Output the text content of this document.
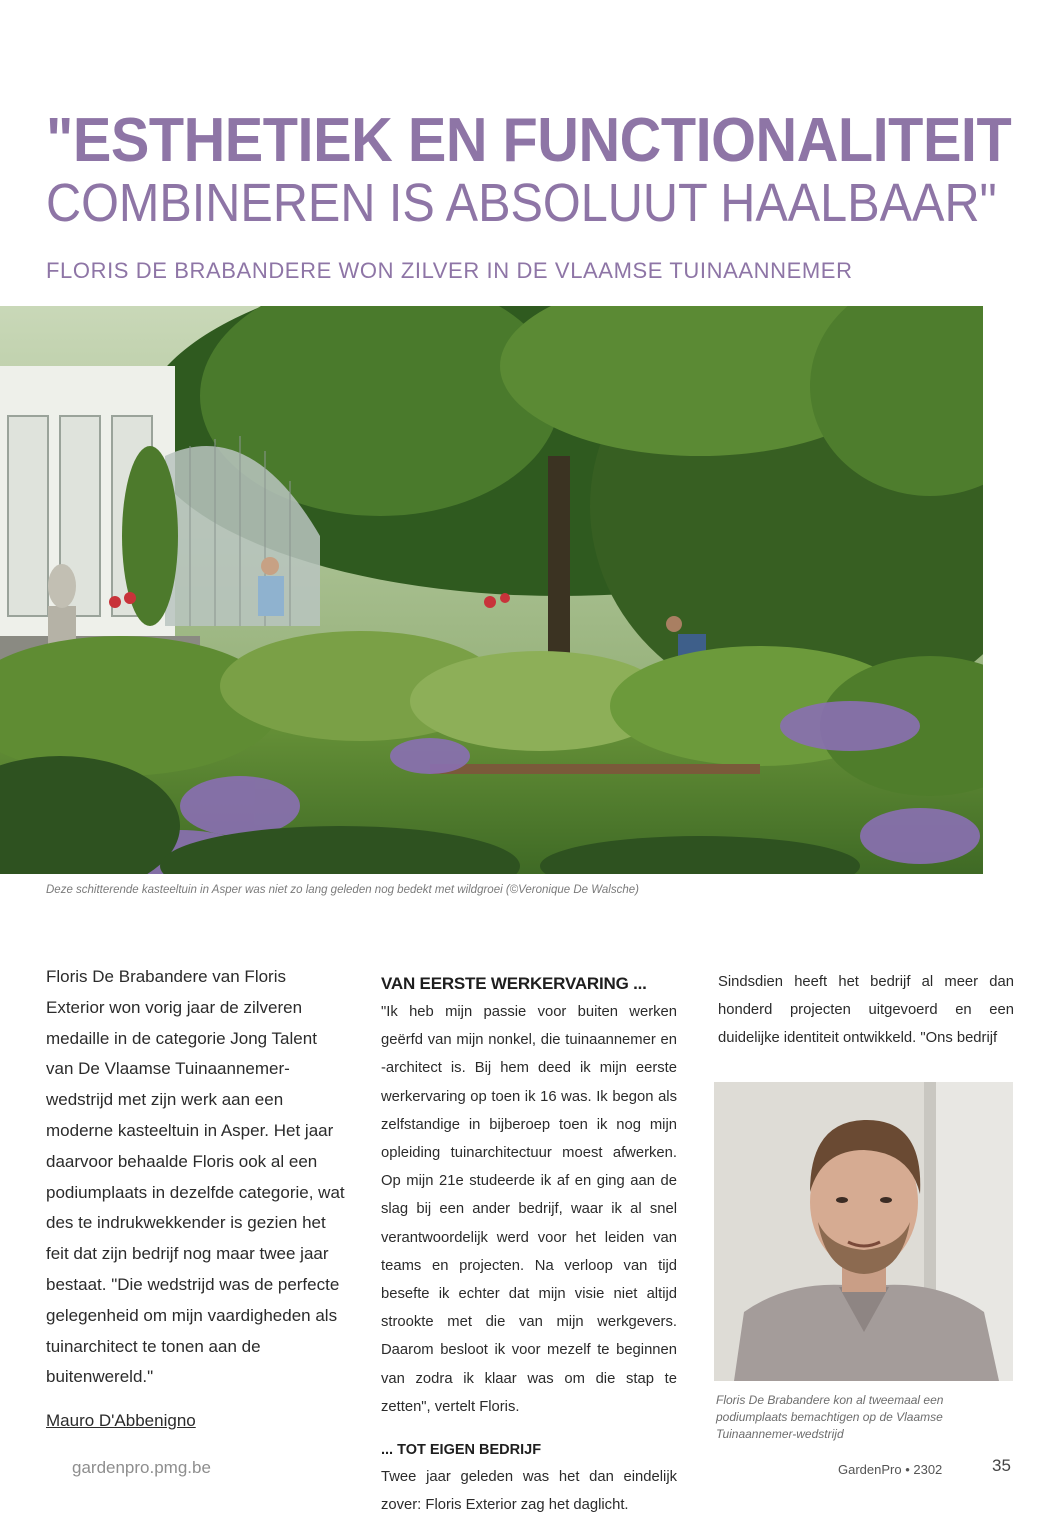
"ESTHETIEK EN FUNCTIONALITEIT
COMBINEREN IS ABSOLUUT HAALBAAR"
FLORIS DE BRABANDERE WON ZILVER IN DE VLAAMSE TUINAANNEMER
Deze schitterende kasteeltuin in Asper was niet zo lang geleden nog bedekt met wildgroei (©Veronique De Walsche)

Floris De Brabandere van Floris Exterior won vorig jaar de zilveren medaille in de categorie Jong Talent van De Vlaamse Tuinaannemer-wedstrijd met zijn werk aan een moderne kasteeltuin in Asper. Het jaar daarvoor behaalde Floris ook al een podiumplaats in dezelfde categorie, wat des te indrukwekkender is gezien het feit dat zijn bedrijf nog maar twee jaar bestaat. "Die wedstrijd was de perfecte gelegenheid om mijn vaardigheden als tuinarchitect te tonen aan de buitenwereld."

Mauro D'Abbenigno
VAN EERSTE WERKERVARING ...

"Ik heb mijn passie voor buiten werken geërfd van mijn nonkel, die tuinaannemer en -architect is. Bij hem deed ik mijn eerste werkervaring op toen ik 16 was. Ik begon als zelfstandige in bijberoep toen ik nog mijn opleiding tuinarchitectuur moest afwerken. Op mijn 21e studeerde ik af en ging aan de slag bij een ander bedrijf, waar ik al snel verantwoordelijk werd voor het leiden van teams en projecten. Na verloop van tijd besefte ik echter dat mijn visie niet altijd strookte met die van mijn werkgevers. Daarom besloot ik voor mezelf te beginnen van zodra ik klaar was om die stap te zetten", vertelt Floris.

... TOT EIGEN BEDRIJF

Twee jaar geleden was het dan eindelijk zover: Floris Exterior zag het daglicht.

Sindsdien heeft het bedrijf al meer dan honderd projecten uitgevoerd en een duidelijke identiteit ontwikkeld. "Ons bedrijf

Floris De Brabandere kon al tweemaal een podiumplaats bemachtigen op de Vlaamse Tuinaannemer-wedstrijd
gardenpro.pmg.be	GardenPro • 2302	35
